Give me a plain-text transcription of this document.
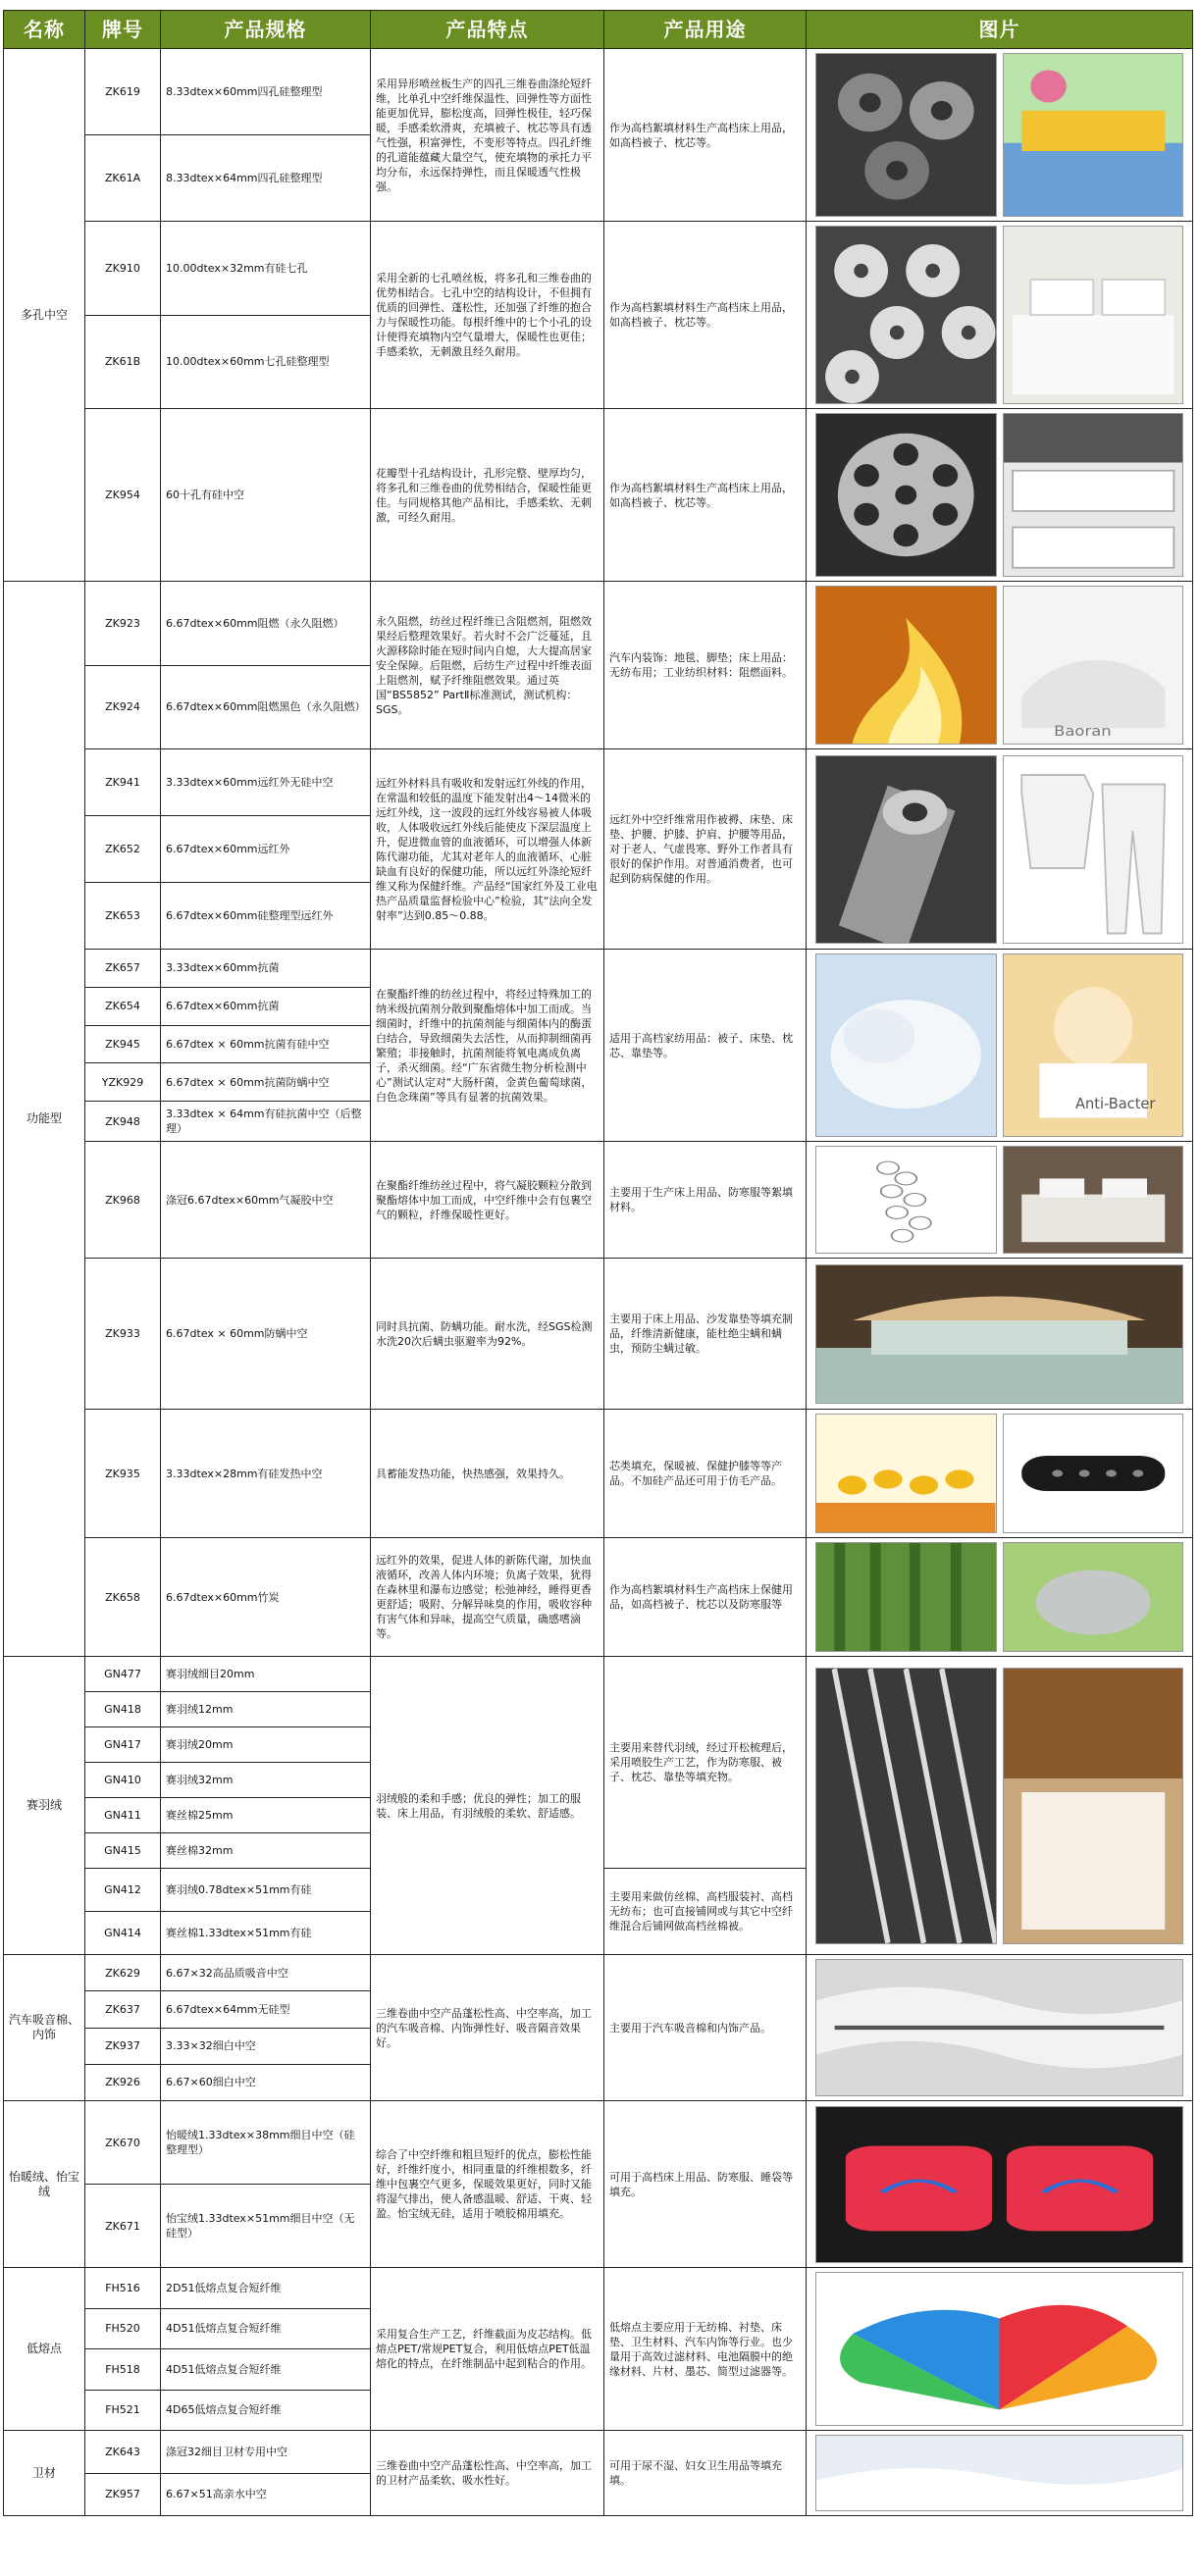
名称	牌号	产品规格	产品特点	产品用途	图片
多孔中空	ZK619	8.33dtex×60mm四孔硅整理型	采用异形喷丝板生产的四孔三维卷曲涤纶短纤维，比单孔中空纤维保温性、回弹性等方面性能更加优异，膨松度高，回弹性极佳，轻巧保暖，手感柔软滑爽，充填被子、枕芯等具有透气性强，积富弹性，不变形等特点。四孔纤维的孔道能蕴藏大量空气，使充填物的承托力平均分布，永远保持弹性，而且保暖透气性极强。	作为高档絮填材料生产高档床上用品，如高档被子、枕芯等。	

	ZK61A	8.33dtex×64mm四孔硅整理型			
	ZK910	10.00dtex×32mm有硅七孔	采用全新的七孔喷丝板，将多孔和三维卷曲的优势相结合。七孔中空的结构设计，不但拥有优质的回弹性、蓬松性，还加强了纤维的抱合力与保暖性功能。每根纤维中的七个小孔的设计使得充填物内空气量增大，保暖性也更佳；手感柔软，无刺激且经久耐用。	作为高档絮填材料生产高档床上用品，如高档被子、枕芯等。	

	ZK61B	10.00dtex×60mm七孔硅整理型			
	ZK954	60十孔有硅中空	花瓣型十孔结构设计，孔形完整、壁厚均匀，将多孔和三维卷曲的优势相结合，保暖性能更佳。与同规格其他产品相比，手感柔软、无刺激，可经久耐用。	作为高档絮填材料生产高档床上用品，如高档被子、枕芯等。	

功能型	ZK923	6.67dtex×60mm阻燃（永久阻燃）	永久阻燃，纺丝过程纤维已含阻燃剂，阻燃效果经后整理效果好。若火时不会广泛蔓延，且火源移除时能在短时间内自熄，大大提高居家安全保障。后阻燃，后纺生产过程中纤维表面上阻燃剂，赋予纤维阻燃效果。通过英国“BS5852” PartⅡ标准测试，测试机构：SGS。	汽车内装饰：地毯、脚垫；床上用品：无纺布用；工业纺织材料：阻燃面料。	Baoran

	ZK924	6.67dtex×60mm阻燃黑色（永久阻燃）			
	ZK941	3.33dtex×60mm远红外无硅中空	远红外材料具有吸收和发射远红外线的作用，在常温和较低的温度下能发射出4～14微米的远红外线，这一波段的远红外线容易被人体吸收，人体吸收远红外线后能使皮下深层温度上升，促进微血管的血液循环，可以增强人体新陈代谢功能，尤其对老年人的血液循环、心脏缺血有良好的保健功能，所以远红外涤纶短纤维又称为保健纤维。产品经“国家红外及工业电热产品质量监督检验中心”检验，其“法向全发射率”达到0.85～0.88。	远红外中空纤维常用作被褥、床垫、床垫、护腰、护膝、护肩、护腰等用品，对于老人、气虚畏寒、野外工作者具有很好的保护作用。对普通消费者，也可起到防病保健的作用。	

	ZK652	6.67dtex×60mm远红外			
	ZK653	6.67dtex×60mm硅整理型远红外			
	ZK657	3.33dtex×60mm抗菌	在聚酯纤维的纺丝过程中，将经过特殊加工的纳米级抗菌剂分散到聚酯熔体中加工而成。当细菌时，纤维中的抗菌剂能与细菌体内的酶蛋白结合，导致细菌失去活性，从而抑制细菌再繁殖；非接触时，抗菌剂能将氧电离成负离子，杀灭细菌。经“广东省微生物分析检测中心”测试认定对“大肠杆菌，金黄色葡萄球菌，白色念珠菌”等具有显著的抗菌效果。	适用于高档家纺用品：被子、床垫、枕芯、靠垫等。	Anti-Bacter

	ZK654	6.67dtex×60mm抗菌			
	ZK945	6.67dtex × 60mm抗菌有硅中空			
	YZK929	6.67dtex × 60mm抗菌防螨中空			
	ZK948	3.33dtex × 64mm有硅抗菌中空（后整理）			
	ZK968	涤冠6.67dtex×60mm气凝胶中空	在聚酯纤维纺丝过程中，将气凝胶颗粒分散到聚酯熔体中加工而成，中空纤维中会有包裹空气的颗粒，纤维保暖性更好。	主要用于生产床上用品、防寒服等絮填材料。	

	ZK933	6.67dtex × 60mm防螨中空	同时具抗菌、防螨功能。耐水洗，经SGS检测水洗20次后螨虫驱避率为92%。	主要用于床上用品、沙发靠垫等填充制品，纤维清新健康，能杜绝尘螨和螨虫，预防尘螨过敏。	

	ZK935	3.33dtex×28mm有硅发热中空	具蓄能发热功能，快热感强，效果持久。	芯类填充，保暖被、保健护膝等等产品。不加硅产品还可用于仿毛产品。	

	ZK658	6.67dtex×60mm竹炭	远红外的效果，促进人体的新陈代谢，加快血液循环，改善人体内环境；负离子效果，犹得在森林里和瀑布边感觉；松弛神经，睡得更香更舒适；吸附、分解异味臭的作用，吸收容种有害气体和异味，提高空气质量，确感嗜滴等。	作为高档絮填材料生产高档床上保健用品，如高档被子、枕芯以及防寒服等	

赛羽绒	GN477	赛羽绒细目20mm	羽绒般的柔和手感；优良的弹性；加工的服装、床上用品，有羽绒般的柔软、舒适感。	主要用来替代羽绒，经过开松梳理后，采用喷胶生产工艺，作为防寒服、被子、枕芯、靠垫等填充物。	

	GN418	赛羽绒12mm			
	GN417	赛羽绒20mm			
	GN410	赛羽绒32mm			
	GN411	赛丝棉25mm			
	GN415	赛丝棉32mm			
	GN412	赛羽绒0.78dtex×51mm有硅		主要用来做仿丝棉、高档服装衬、高档无纺布；也可直接铺网或与其它中空纤维混合后铺网做高档丝棉被。	
	GN414	赛丝棉1.33dtex×51mm有硅			
汽车吸音棉、内饰	ZK629	6.67×32高品质吸音中空	三维卷曲中空产品蓬松性高、中空率高，加工的汽车吸音棉、内饰弹性好、吸音隔音效果好。	主要用于汽车吸音棉和内饰产品。	

	ZK637	6.67dtex×64mm无硅型			
	ZK937	3.33×32细白中空			
	ZK926	6.67×60细白中空			
怡暖绒、怡宝绒	ZK670	怡暖绒1.33dtex×38mm细目中空（硅整理型）	综合了中空纤维和粗旦短纤的优点，膨松性能好，纤维纤度小，相同重量的纤维根数多，纤维中包裹空气更多，保暖效果更好，同时又能将湿气排出，使人备感温暖、舒适、干爽、轻盈。怡宝绒无硅，适用于喷胶棉用填充。	可用于高档床上用品、防寒服、睡袋等填充。	

	ZK671	怡宝绒1.33dtex×51mm细目中空（无硅型）			
低熔点	FH516	2D51低熔点复合短纤维	采用复合生产工艺，纤维截面为皮芯结构。低熔点PET/常规PET复合，利用低熔点PET低温熔化的特点，在纤维制品中起到粘合的作用。	低熔点主要应用于无纺棉、衬垫、床垫、卫生材料、汽车内饰等行业。也少量用于高效过滤材料、电池隔膜中的绝缘材料、片材、墨芯、简型过滤器等。	

	FH520	4D51低熔点复合短纤维			
	FH518	4D51低熔点复合短纤维			
	FH521	4D65低熔点复合短纤维			
卫材	ZK643	涤冠32细目卫材专用中空	三维卷曲中空产品蓬松性高、中空率高，加工的卫材产品柔软、吸水性好。	可用于尿不湿、妇女卫生用品等填充填。	

	ZK957	6.67×51高亲水中空			
